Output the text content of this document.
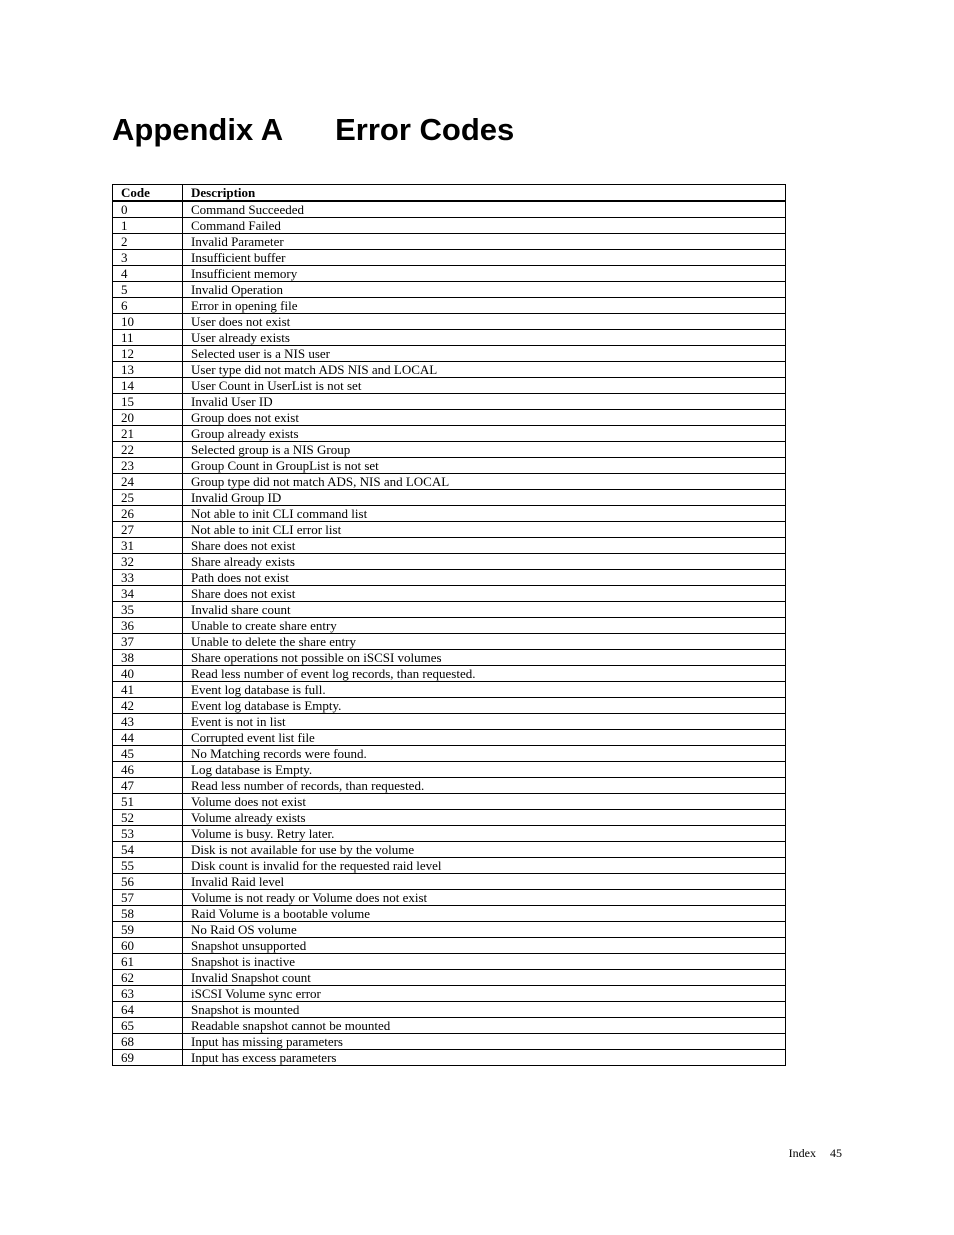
Appendix A Error Codes
Code	Description
0	Command Succeeded
1	Command Failed
2	Invalid Parameter
3	Insufficient buffer
4	Insufficient memory
5	Invalid Operation
6	Error in opening file
10	User does not exist
11	User already exists
12	Selected user is a NIS user
13	User type did not match ADS NIS and LOCAL
14	User Count in UserList is not set
15	Invalid User ID
20	Group does not exist
21	Group already exists
22	Selected group is a NIS Group
23	Group Count in GroupList is not set
24	Group type did not match ADS, NIS and LOCAL
25	Invalid Group ID
26	Not able to init CLI command list
27	Not able to init CLI error list
31	Share does not exist
32	Share already exists
33	Path does not exist
34	Share does not exist
35	Invalid share count
36	Unable to create share entry
37	Unable to delete the share entry
38	Share operations not possible on iSCSI volumes
40	Read less number of event log records, than requested.
41	Event log database is full.
42	Event log database is Empty.
43	Event is not in list
44	Corrupted event list file
45	No Matching records were found.
46	Log database is Empty.
47	Read less number of records, than requested.
51	Volume does not exist
52	Volume already exists
53	Volume is busy. Retry later.
54	Disk is not available for use by the volume
55	Disk count is invalid for the requested raid level
56	Invalid Raid level
57	Volume is not ready or Volume does not exist
58	Raid Volume is a bootable volume
59	No Raid OS volume
60	Snapshot unsupported
61	Snapshot is inactive
62	Invalid Snapshot count
63	iSCSI Volume sync error
64	Snapshot is mounted
65	Readable snapshot cannot be mounted
68	Input has missing parameters
69	Input has excess parameters
Index 45
